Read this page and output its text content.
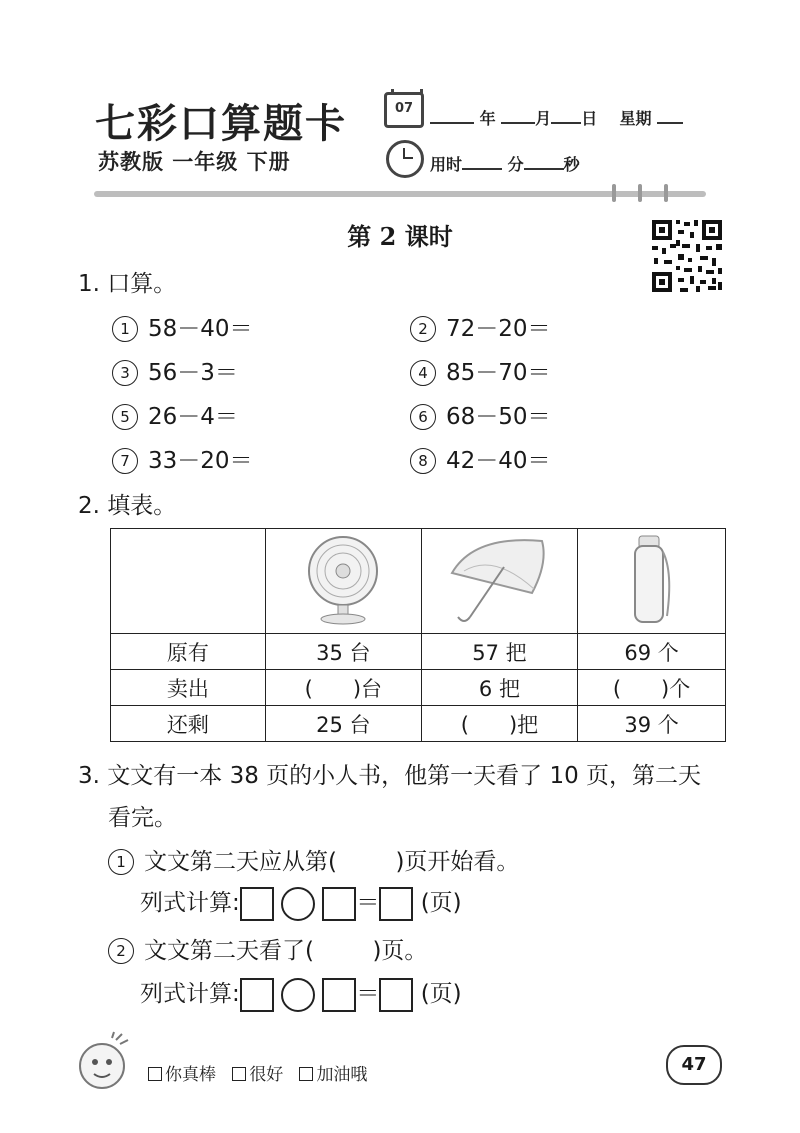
七彩口算题卡
苏教版 一年级 下册
07
年 月 日 星期
用时	分	秒
第 2 课时
1. 口算。
1 58－40＝	2 72－20＝
3 56－3＝	4 85－70＝
5 26－4＝	6 68－50＝
7 33－20＝	8 42－40＝
2. 填表。

原有	35 台	57 把	69 个
卖出	(      )台	6 把	(      )个
还剩	25 台	(      )把	39 个
3. 文文有一本 38 页的小人书，他第一天看了 10 页，第二天
看完。
1 文文第二天应从第(        )页开始看。
列式计算:	＝ (页)
2 文文第二天看了(        )页。
列式计算:	＝ (页)
你真棒 很好 加油哦	47
